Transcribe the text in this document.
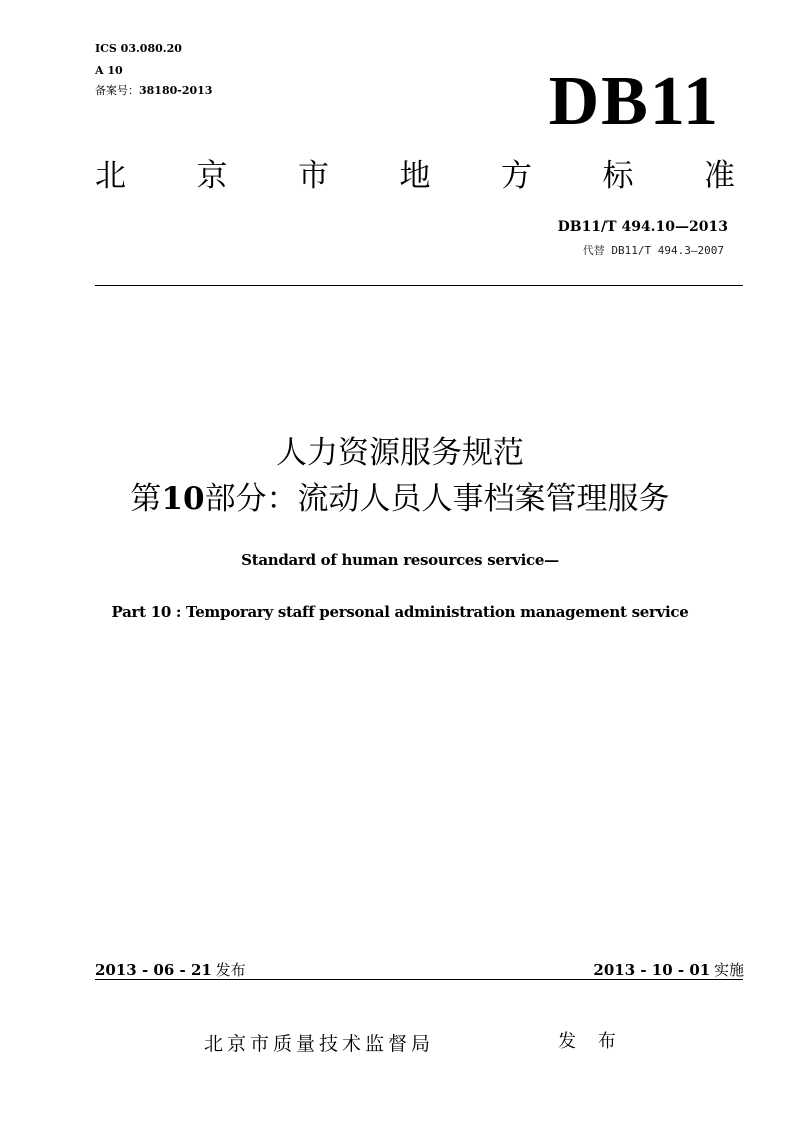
ICS 03.080.20
A 10
备案号：38180-2013	DB11
北 京 市 地 方 标 准
DB11/T 494.10—2013
代替 DB11/T 494.3—2007
人力资源服务规范
第10部分：流动人员人事档案管理服务
Standard of human resources service—
Part 10 : Temporary staff personal administration management service
2013 - 06 - 21 发布	2013 - 10 - 01 实施
北京市质量技术监督局	发 布
